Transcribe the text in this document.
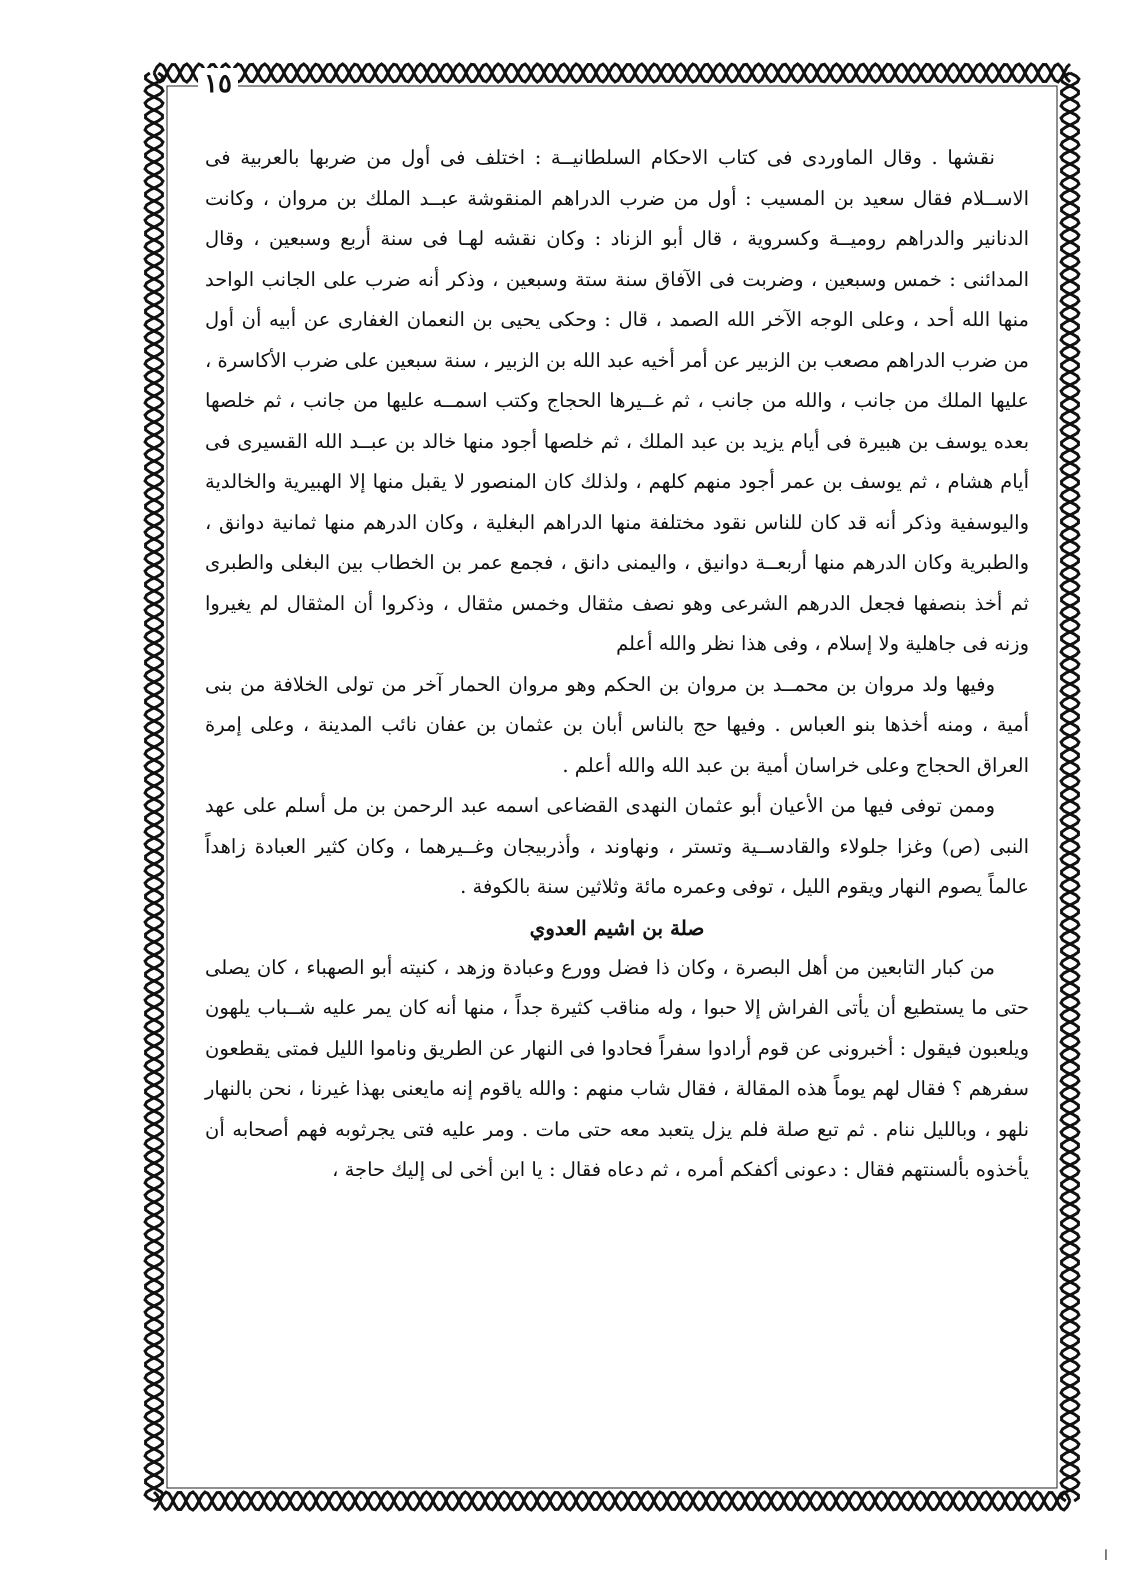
١٥

نقشها . وقال الماوردى فى كتاب الاحكام السلطانيــة : اختلف فى أول من ضربها بالعربية فى الاســلام فقال سعيد بن المسيب : أول من ضرب الدراهم المنقوشة عبــد الملك بن مروان ، وكانت الدنانير والدراهم روميــة وكسروية ، قال أبو الزناد : وكان نقشه لهـا فى سنة أربع وسبعين ، وقال المدائنى : خمس وسبعين ، وضربت فى الآفاق سنة ستة وسبعين ، وذكر أنه ضرب على الجانب الواحد منها الله أحد ، وعلى الوجه الآخر الله الصمد ، قال : وحكى يحيى بن النعمان الغفارى عن أبيه أن أول من ضرب الدراهم مصعب بن الزبير عن أمر أخيه عبد الله بن الزبير ، سنة سبعين على ضرب الأكاسرة ، عليها الملك من جانب ، والله من جانب ، ثم غــيرها الحجاج وكتب اسمــه عليها من جانب ، ثم خلصها بعده يوسف بن هبيرة فى أيام يزيد بن عبد الملك ، ثم خلصها أجود منها خالد بن عبــد الله القسيرى فى أيام هشام ، ثم يوسف بن عمر أجود منهم كلهم ، ولذلك كان المنصور لا يقبل منها إلا الهبيرية والخالدية واليوسفية وذكر أنه قد كان للناس نقود مختلفة منها الدراهم البغلية ، وكان الدرهم منها ثمانية دوانق ، والطبرية وكان الدرهم منها أربعــة دوانيق ، واليمنى دانق ، فجمع عمر بن الخطاب بين البغلى والطبرى ثم أخذ بنصفها فجعل الدرهم الشرعى وهو نصف مثقال وخمس مثقال ، وذكروا أن المثقال لم يغيروا وزنه فى جاهلية ولا إسلام ، وفى هذا نظر والله أعلم

وفيها ولد مروان بن محمــد بن مروان بن الحكم وهو مروان الحمار آخر من تولى الخلافة من بنى أمية ، ومنه أخذها بنو العباس . وفيها حج بالناس أبان بن عثمان بن عفان نائب المدينة ، وعلى إمرة العراق الحجاج وعلى خراسان أمية بن عبد الله والله أعلم .

وممن توفى فيها من الأعيان أبو عثمان النهدى القضاعى اسمه عبد الرحمن بن مل أسلم على عهد النبى (ص) وغزا جلولاء والقادســية وتستر ، ونهاوند ، وأذربيجان وغــيرهما ، وكان كثير العبادة زاهداً عالماً يصوم النهار ويقوم الليل ، توفى وعمره مائة وثلاثين سنة بالكوفة .

صلة بن اشيم العدوي

من كبار التابعين من أهل البصرة ، وكان ذا فضل وورع وعبادة وزهد ، كنيته أبو الصهباء ، كان يصلى حتى ما يستطيع أن يأتى الفراش إلا حبوا ، وله مناقب كثيرة جداً ، منها أنه كان يمر عليه شــباب يلهون ويلعبون فيقول : أخبرونى عن قوم أرادوا سفراً فحادوا فى النهار عن الطريق وناموا الليل فمتى يقطعون سفرهم ؟ فقال لهم يوماً هذه المقالة ، فقال شاب منهم : والله ياقوم إنه مايعنى بهذا غيرنا ، نحن بالنهار نلهو ، وبالليل ننام . ثم تبع صلة فلم يزل يتعبد معه حتى مات . ومر عليه فتى يجرثوبه فهم أصحابه أن يأخذوه بألسنتهم فقال : دعونى أكفكم أمره ، ثم دعاه فقال : يا ابن أخى لى إليك حاجة ،

ا
